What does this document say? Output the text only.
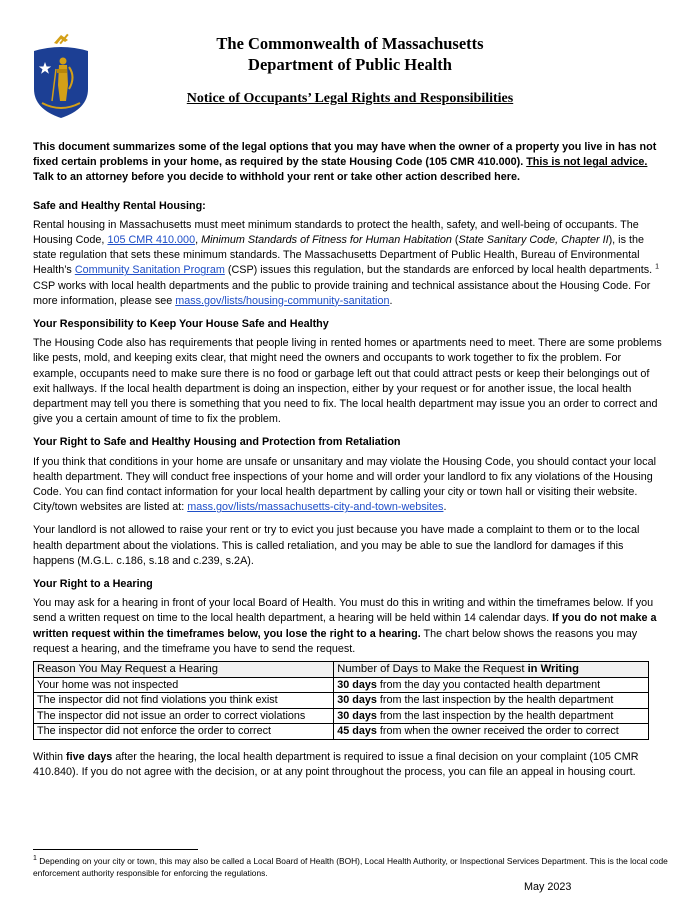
The Commonwealth of Massachusetts
Department of Public Health
Notice of Occupants’ Legal Rights and Responsibilities

This document summarizes some of the legal options that you may have when the owner of a property you live in has not fixed certain problems in your home, as required by the state Housing Code (105 CMR 410.000). This is not legal advice. Talk to an attorney before you decide to withhold your rent or take other action described here.

Safe and Healthy Rental Housing:

Rental housing in Massachusetts must meet minimum standards to protect the health, safety, and well-being of occupants. The Housing Code, 105 CMR 410.000, Minimum Standards of Fitness for Human Habitation (State Sanitary Code, Chapter II), is the state regulation that sets these minimum standards. The Massachusetts Department of Public Health, Bureau of Environmental Health’s Community Sanitation Program (CSP) issues this regulation, but the standards are enforced by local health departments. $^1$ CSP works with local health departments and the public to provide training and technical assistance about the Housing Code. For more information, please see mass.gov/lists/housing-community-sanitation.

Your Responsibility to Keep Your House Safe and Healthy

The Housing Code also has requirements that people living in rented homes or apartments need to meet. There are some problems like pests, mold, and keeping exits clear, that might need the owners and occupants to work together to fix the problem. For example, occupants need to make sure there is no food or garbage left out that could attract pests or keep their belongings out of exit hallways. If the local health department is doing an inspection, either by your request or for another issue, the local health department may tell you there is something that you need to fix. The local health department may issue you an order to correct and give you a certain amount of time to fix the problem.

Your Right to Safe and Healthy Housing and Protection from Retaliation

If you think that conditions in your home are unsafe or unsanitary and may violate the Housing Code, you should contact your local health department. They will conduct free inspections of your home and will order your landlord to fix any violations of the Housing Code. You can find contact information for your local health department by calling your city or town hall or visiting their website. City/town websites are listed at: mass.gov/lists/massachusetts-city-and-town-websites.

Your landlord is not allowed to raise your rent or try to evict you just because you have made a complaint to them or to the local health department about the violations. This is called retaliation, and you may be able to sue the landlord for damages if this happens (M.G.L. c.186, s.18 and c.239, s.2A).

Your Right to a Hearing

You may ask for a hearing in front of your local Board of Health. You must do this in writing and within the timeframes below. If you send a written request on time to the local health department, a hearing will be held within 14 calendar days. If you do not make a written request within the timeframes below, you lose the right to a hearing. The chart below shows the reasons you may request a hearing, and the timeframe you have to send the request.

Reason You May Request a Hearing	Number of Days to Make the Request in Writing
Your home was not inspected	30 days from the day you contacted health department
The inspector did not find violations you think exist	30 days from the last inspection by the health department
The inspector did not issue an order to correct violations	30 days from the last inspection by the health department
The inspector did not enforce the order to correct	45 days from when the owner received the order to correct

Within five days after the hearing, the local health department is required to issue a final decision on your complaint (105 CMR 410.840). If you do not agree with the decision, or at any point throughout the process, you can file an appeal in housing court.

$^1$ Depending on your city or town, this may also be called a Local Board of Health (BOH), Local Health Authority, or Inspectional Services Department. This is the local code enforcement authority responsible for enforcing the regulations.
May 2023
